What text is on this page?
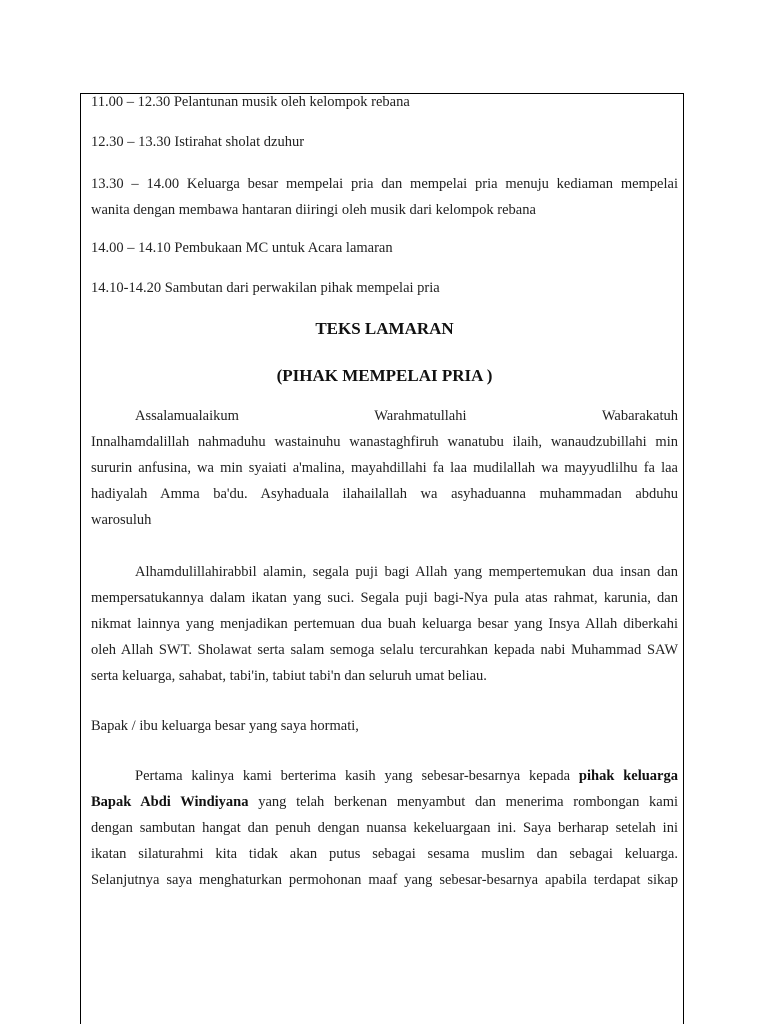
11.00 – 12.30 Pelantunan musik oleh kelompok rebana
12.30 – 13.30 Istirahat sholat dzuhur
13.30 – 14.00 Keluarga besar mempelai pria dan mempelai pria menuju kediaman mempelai
wanita dengan membawa hantaran diiringi oleh musik dari kelompok rebana
14.00 – 14.10 Pembukaan MC untuk Acara lamaran
14.10-14.20 Sambutan dari perwakilan pihak mempelai pria
TEKS LAMARAN
(PIHAK MEMPELAI PRIA )
Assalamualaikum	Warahmatullahi	Wabarakatuh
Innalhamdalillah nahmaduhu wastainuhu wanastaghfiruh wanatubu ilaih, wanaudzubillahi min
sururin anfusina, wa min syaiati a'malina, mayahdillahi fa laa mudilallah wa mayyudlilhu fa laa
hadiyalah Amma ba'du. Asyhaduala ilahailallah wa asyhaduanna muhammadan abduhu
warosuluh
Alhamdulillahirabbil alamin, segala puji bagi Allah yang mempertemukan dua insan dan
mempersatukannya dalam ikatan yang suci. Segala puji bagi-Nya pula atas rahmat, karunia, dan
nikmat lainnya yang menjadikan pertemuan dua buah keluarga besar yang Insya Allah diberkahi
oleh Allah SWT. Sholawat serta salam semoga selalu tercurahkan kepada nabi Muhammad SAW
serta keluarga, sahabat, tabi'in, tabiut tabi'n dan seluruh umat beliau.
Bapak / ibu keluarga besar yang saya hormati,
Pertama kalinya kami berterima kasih yang sebesar-besarnya kepada pihak keluarga
Bapak Abdi Windiyana yang telah berkenan menyambut dan menerima rombongan kami
dengan sambutan hangat dan penuh dengan nuansa kekeluargaan ini. Saya berharap setelah ini
ikatan silaturahmi kita tidak akan putus sebagai sesama muslim dan sebagai keluarga.
Selanjutnya saya menghaturkan permohonan maaf yang sebesar-besarnya apabila terdapat sikap
